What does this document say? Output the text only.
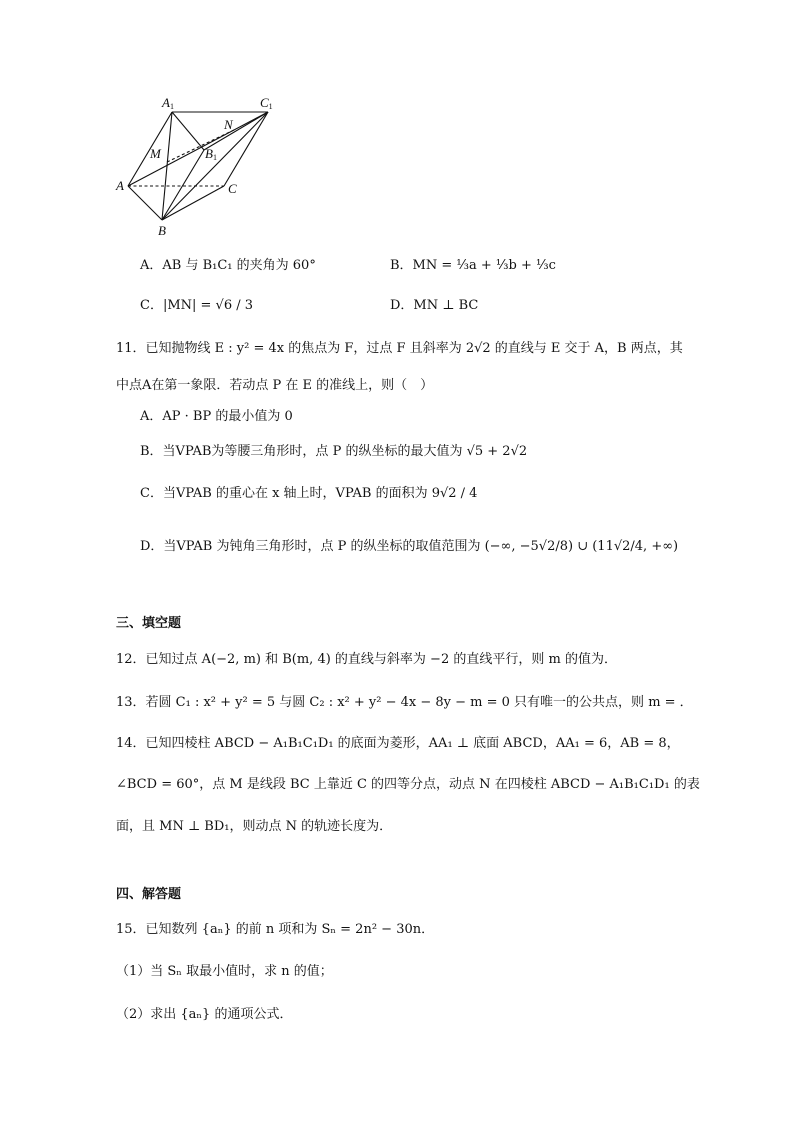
A1	C1
N
M	B1
A	C
B
A．AB 与 B₁C₁ 的夹角为 60°	B．MN = ⅓a + ⅓b + ⅓c
C．|MN| = √6 / 3	D．MN ⊥ BC
11．已知抛物线 E : y² = 4x 的焦点为 F，过点 F 且斜率为 2√2 的直线与 E 交于 A，B 两点，其
中点A在第一象限．若动点 P 在 E 的准线上，则（　）
A．AP · BP 的最小值为 0
B．当VPAB为等腰三角形时，点 P 的纵坐标的最大值为 √5 + 2√2
C．当VPAB 的重心在 x 轴上时，VPAB 的面积为 9√2 / 4
D．当VPAB 为钝角三角形时，点 P 的纵坐标的取值范围为 (−∞, −5√2/8) ∪ (11√2/4, +∞)
三、填空题
12．已知过点 A(−2, m) 和 B(m, 4) 的直线与斜率为 −2 的直线平行，则 m 的值为．
13．若圆 C₁ : x² + y² = 5 与圆 C₂ : x² + y² − 4x − 8y − m = 0 只有唯一的公共点，则 m = ．
14．已知四棱柱 ABCD − A₁B₁C₁D₁ 的底面为菱形，AA₁ ⊥ 底面 ABCD，AA₁ = 6，AB = 8，
∠BCD = 60°，点 M 是线段 BC 上靠近 C 的四等分点，动点 N 在四棱柱 ABCD − A₁B₁C₁D₁ 的表
面，且 MN ⊥ BD₁，则动点 N 的轨迹长度为．
四、解答题
15．已知数列 {aₙ} 的前 n 项和为 Sₙ = 2n² − 30n．
（1）当 Sₙ 取最小值时，求 n 的值；
（2）求出 {aₙ} 的通项公式．
